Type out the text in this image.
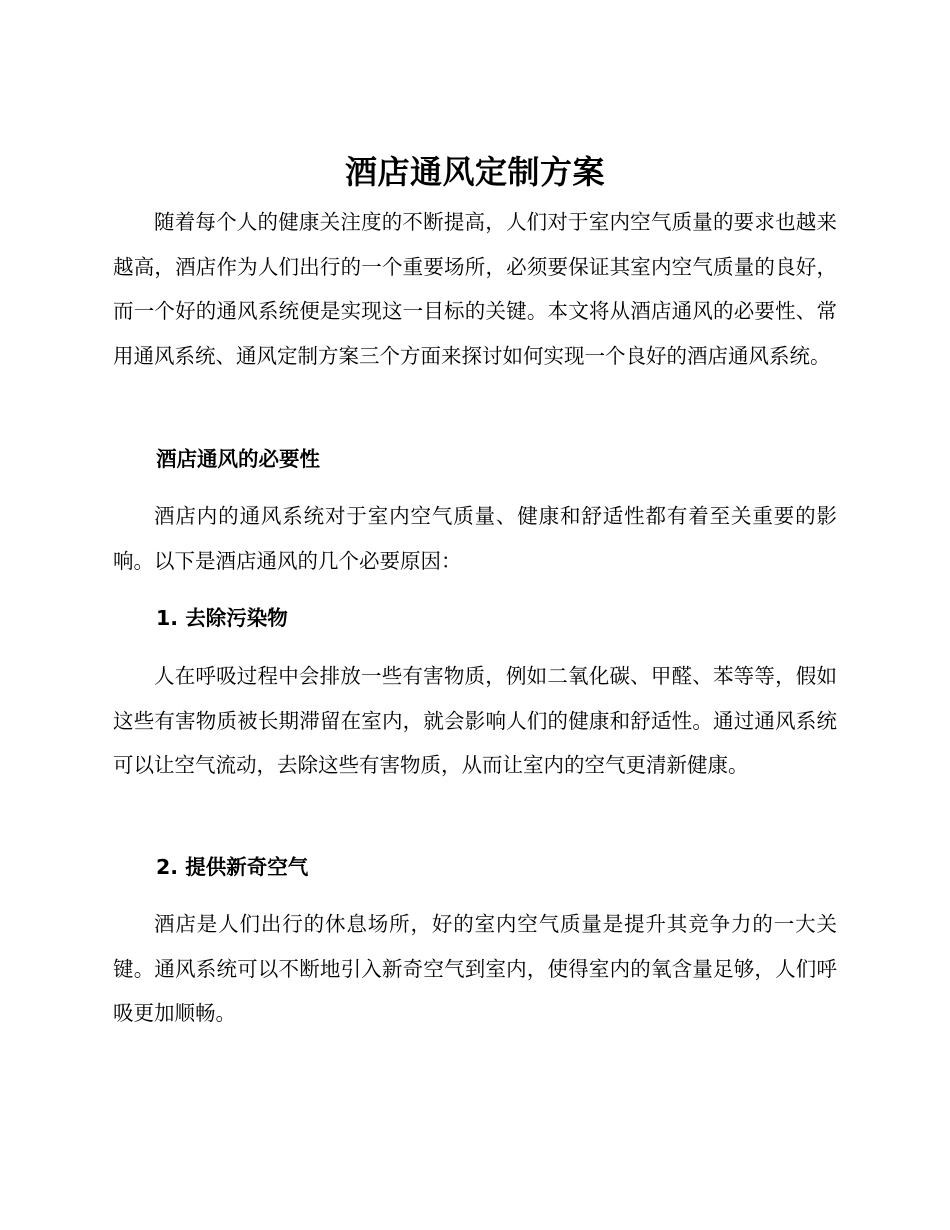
酒店通风定制方案

随着每个人的健康关注度的不断提高，人们对于室内空气质量的要求也越来越高，酒店作为人们出行的一个重要场所，必须要保证其室内空气质量的良好，而一个好的通风系统便是实现这一目标的关键。本文将从酒店通风的必要性、常用通风系统、通风定制方案三个方面来探讨如何实现一个良好的酒店通风系统。

酒店通风的必要性

酒店内的通风系统对于室内空气质量、健康和舒适性都有着至关重要的影响。以下是酒店通风的几个必要原因：

1. 去除污染物

人在呼吸过程中会排放一些有害物质，例如二氧化碳、甲醛、苯等等，假如这些有害物质被长期滞留在室内，就会影响人们的健康和舒适性。通过通风系统可以让空气流动，去除这些有害物质，从而让室内的空气更清新健康。

2. 提供新奇空气

酒店是人们出行的休息场所，好的室内空气质量是提升其竞争力的一大关键。通风系统可以不断地引入新奇空气到室内，使得室内的氧含量足够，人们呼吸更加顺畅。
